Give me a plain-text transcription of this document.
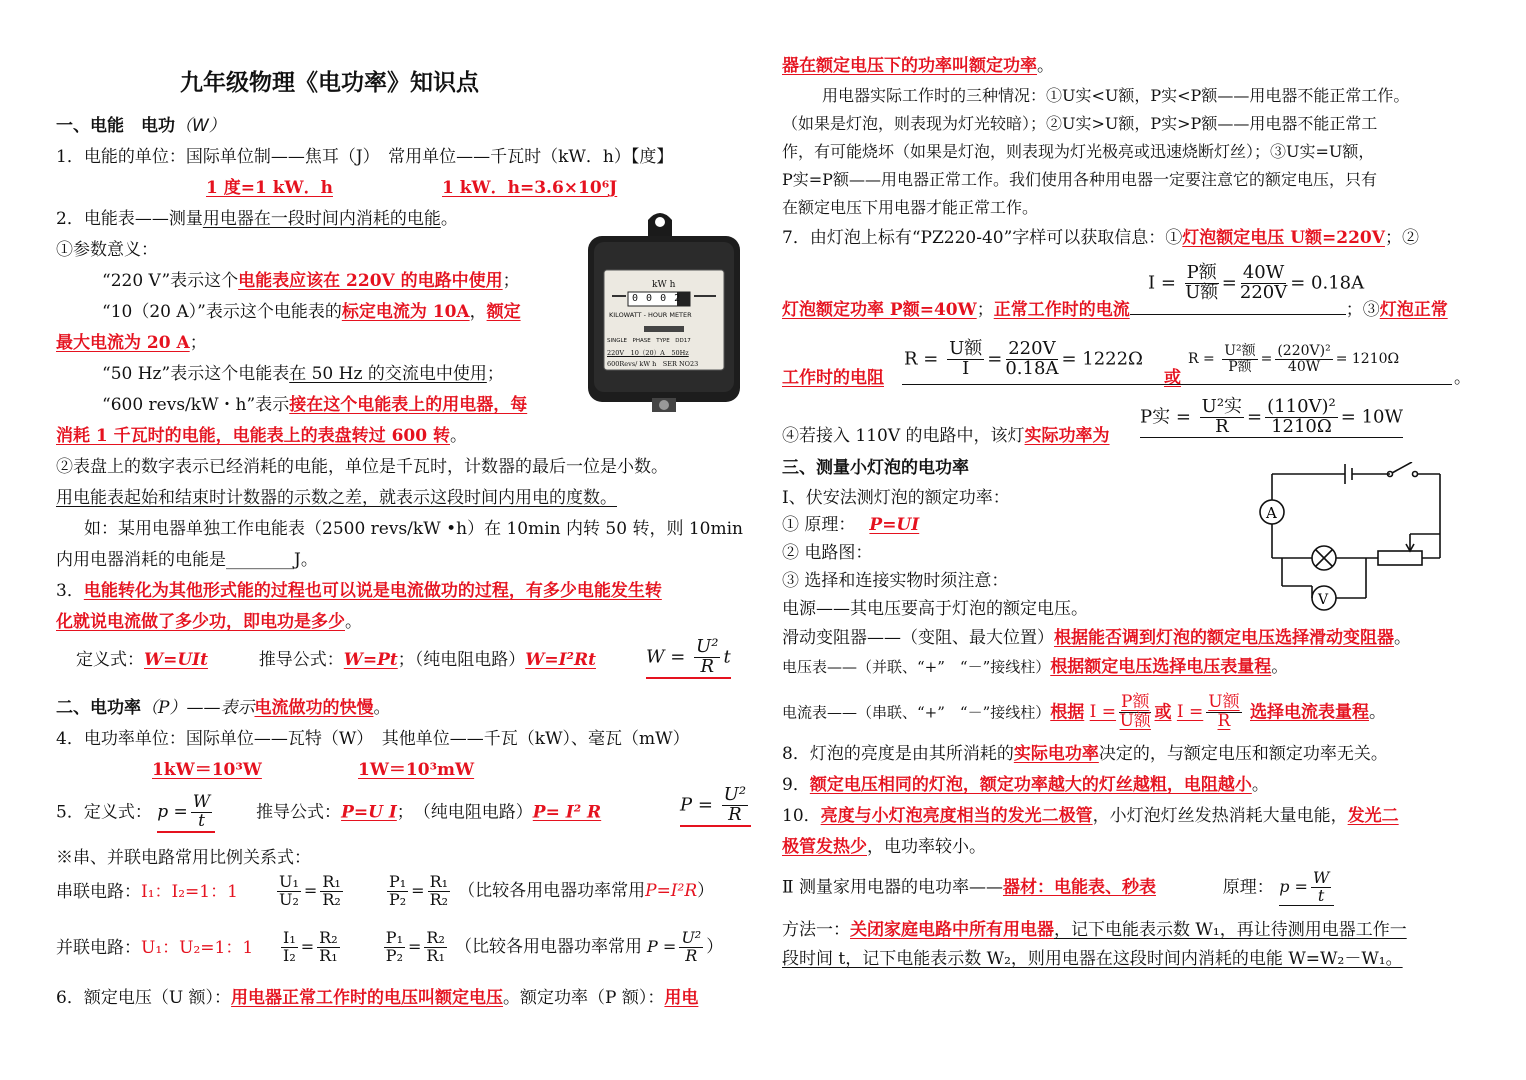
九年级物理《电功率》知识点
一、电能　电功（W）
1．电能的单位：国际单位制——焦耳（J）　常用单位——千瓦时（kW．h）【度】
1 度=1 kW．h	1 kW．h=3.6×10⁶J
2．电能表——测量用电器在一段时间内消耗的电能。
①参数意义：
“220 V”表示这个电能表应该在 220V 的电路中使用；
“10（20 A）”表示这个电能表的标定电流为 10A，额定
最大电流为 20 A；
“50 Hz”表示这个电能表在 50 Hz 的交流电中使用；
“600 revs/kW・h”表示接在这个电能表上的用电器，每
消耗 1 千瓦时的电能，电能表上的表盘转过 600 转。
②表盘上的数字表示已经消耗的电能，单位是千瓦时，计数器的最后一位是小数。
用电能表起始和结束时计数器的示数之差，就表示这段时间内用电的度数。
如：某用电器单独工作电能表（2500 revs/kW •h）在 10min 内转 50 转，则 10min
内用电器消耗的电能是________J。
3．电能转化为其他形式能的过程也可以说是电流做功的过程，有多少电能发生转
化就说电流做了多少功，即电功是多少。
定义式：W=UIt	推导公式：W=Pt；（纯电阻电路）W=I²Rt	$W = \frac{\text{U²}}{R}$ t
二、电功率（P）——表示电流做功的快慢。
4．电功率单位：国际单位——瓦特（W）　其他单位——千瓦（kW）、毫瓦（mW）
1kW＝10³W	1W＝10³mW
5．定义式： $p = \frac{W}{t}$	推导公式：P=U I；　（纯电阻电路）P= I² R	$P = \frac{\text{U²}}{R}$
※串、并联电路常用比例关系式：
串联电路：I₁：I₂=1：$1 \frac{\text{U₁}}{\text{U₂}} = \frac{\text{R₁}}{\text{R₂}}$
	$\frac{\text{P₁}}{\text{P₂}} = \frac{\text{R₁}}{\text{R₂}}$ （比较各用电器功率常用P=I²R）
并联电路：U₁：U₂=1：$1 \frac{\text{I₁}}{\text{I₂}} = \frac{\text{R₂}}{\text{R₁}}$
	$\frac{\text{P₁}}{\text{P₂}} = \frac{\text{R₂}}{\text{R₁}}$ （比较各用电器功率常用 $P = \frac{\text{U²}}{R}$ ）
6．额定电压（U 额）：用电器正常工作时的电压叫额定电压。额定功率（P 额）：用电
kW h
0 0 0 2
KILOWATT - HOUR METER
SINGLE　PHASE　TYPE　DD17
220V　10（20）A　50Hz
600Revs/ kW h　SER NO23
器在额定电压下的功率叫额定功率。
用电器实际工作时的三种情况：①U实<U额，P实<P额——用电器不能正常工作。
（如果是灯泡，则表现为灯光较暗）；②U实>U额，P实>P额——用电器不能正常工
作，有可能烧坏（如果是灯泡，则表现为灯光极亮或迅速烧断灯丝）；③U实=U额，
P实=P额——用电器正常工作。我们使用各种用电器一定要注意它的额定电压，只有
在额定电压下用电器才能正常工作。
7．由灯泡上标有“PZ220-40”字样可以获取信息：①灯泡额定电压 U额=220V；②
$I = \frac{\text{P额}}{\text{U额}} = \frac{40W}{220V} = 0.18A$
灯泡额定功率 P额=40W；正常工作时的电流	；③灯泡正常
工作时的电阻
$R = \frac{\text{U额}}{I} = \frac{220V}{0.18A} = 1222\Omega$
或
$R = \frac{\text{U²额}}{\text{P额}} = \frac{\text{(220V)²}}{40W} = 1210\Omega$
。
④若接入 110V 的电路中，该灯实际功率为
P实 = $\frac{\text{U²实}}{R} = \frac{\text{(110V)²}}{1210\Omega} = 10W$
三、测量小灯泡的电功率
Ⅰ、伏安法测灯泡的额定功率：
① 原理： P=UI
② 电路图：
③ 选择和连接实物时须注意：
电源——其电压要高于灯泡的额定电压。
滑动变阻器——（变阻、最大位置）根据能否调到灯泡的额定电压选择滑动变阻器。
电压表——（并联、“+”　“－”接线柱）根据额定电压选择电压表量程。
电流表——（串联、“+”　“－”接线柱）根据 $I = \frac{\text{P额}}{\text{U额}}$ 或 $I = \frac{\text{U额}}{R}$ 选择电流表量程。
8．灯泡的亮度是由其所消耗的实际电功率决定的，与额定电压和额定功率无关。
9．额定电压相同的灯泡，额定功率越大的灯丝越粗，电阻越小。
10．亮度与小灯泡亮度相当的发光二极管，小灯泡灯丝发热消耗大量电能，发光二
极管发热少，电功率较小。
Ⅱ 测量家用电器的电功率——器材：电能表、秒表	原理： $p = \frac{W}{t}$
方法一：关闭家庭电路中所有用电器，记下电能表示数 W₁，再让待测用电器工作一
段时间 t，记下电能表示数 W₂，则用电器在这段时间内消耗的电能 W=W₂－W₁。
A
V
